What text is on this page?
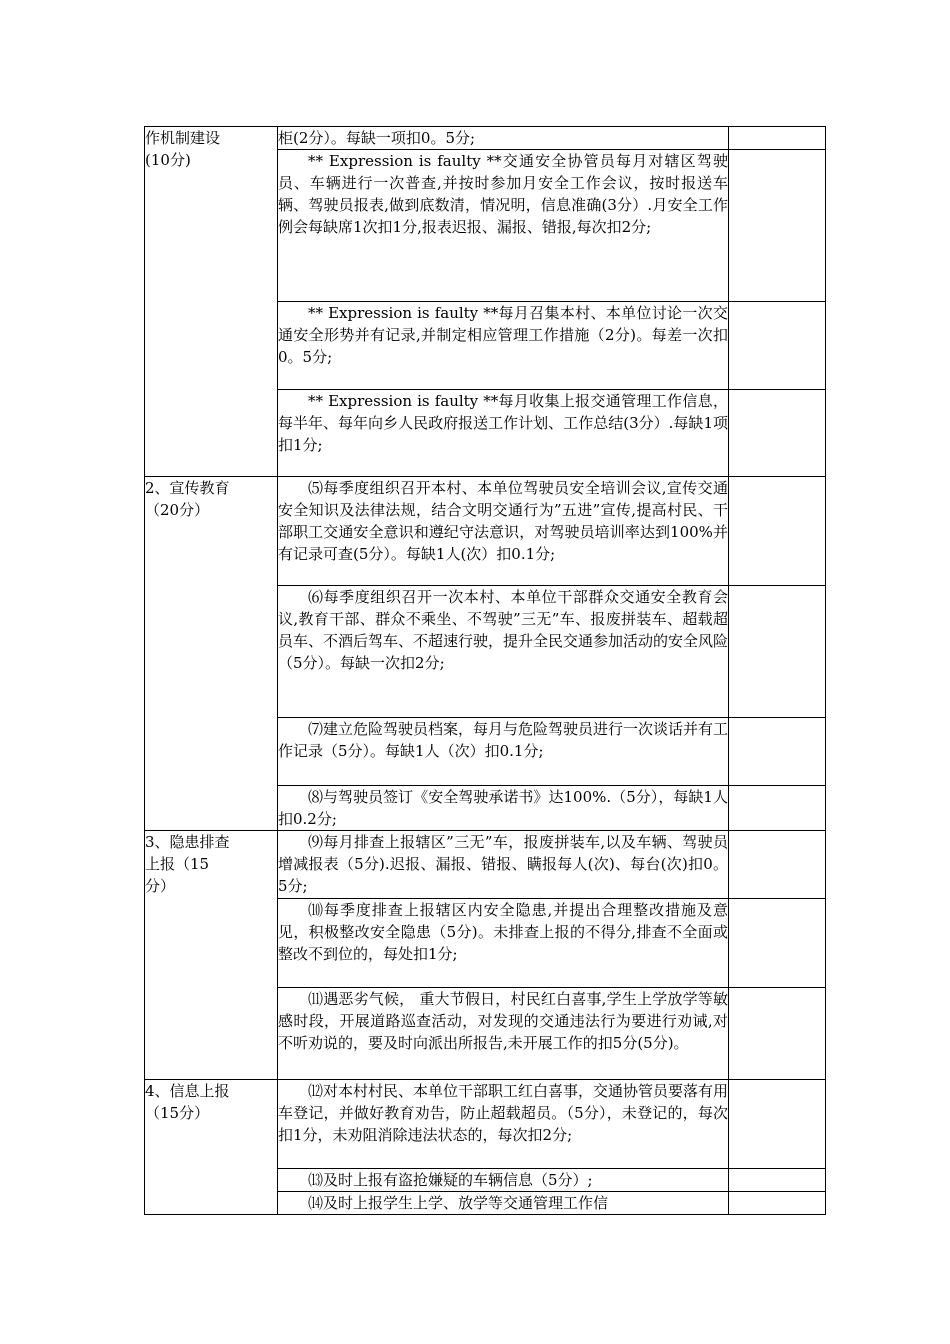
作机制建设
(10分)	柜(2分）。每缺一项扣0。5分;	
	** Expression is faulty **交通安全协管员每月对辖区驾驶员、车辆进行一次普查,并按时参加月安全工作会议，按时报送车辆、驾驶员报表,做到底数清，情况明，信息准确(3分）.月安全工作例会每缺席1次扣1分,报表迟报、漏报、错报,每次扣2分;	
	** Expression is faulty **每月召集本村、本单位讨论一次交通安全形势并有记录,并制定相应管理工作措施（2分)。每差一次扣0。5分;	
	** Expression is faulty **每月收集上报交通管理工作信息，每半年、每年向乡人民政府报送工作计划、工作总结(3分）.每缺1项扣1分;	

2、宣传教育
（20分）	⑸每季度组织召开本村、本单位驾驶员安全培训会议,宣传交通安全知识及法律法规，结合文明交通行为”五进”宣传,提高村民、干部职工交通安全意识和遵纪守法意识，对驾驶员培训率达到100%并有记录可查(5分）。每缺1人(次）扣0.1分;	
	⑹每季度组织召开一次本村、本单位干部群众交通安全教育会议,教育干部、群众不乘坐、不驾驶”三无”车、报废拼装车、超载超员车、不酒后驾车、不超速行驶，提升全民交通参加活动的安全风险 （5分）。每缺一次扣2分;	
	⑺建立危险驾驶员档案，每月与危险驾驶员进行一次谈话并有工作记录（5分）。每缺1人（次）扣0.1分;	
	⑻与驾驶员签订《安全驾驶承诺书》达100%.（5分），每缺1人扣0.2分;	

3、隐患排查
上报（15
分）	⑼每月排查上报辖区”三无”车，报废拼装车,以及车辆、驾驶员增减报表（5分).迟报、漏报、错报、瞒报每人(次)、每台(次)扣0。5分;	
	⑽每季度排查上报辖区内安全隐患,并提出合理整改措施及意见，积极整改安全隐患（5分)。未排查上报的不得分,排查不全面或整改不到位的，每处扣1分;	
	⑾遇恶劣气候， 重大节假日，村民红白喜事,学生上学放学等敏感时段，开展道路巡查活动，对发现的交通违法行为要进行劝诫,对不听劝说的，要及时向派出所报告,未开展工作的扣5分(5分)。	

4、信息上报
（15分）	⑿对本村村民、本单位干部职工红白喜事，交通协管员要落有用车登记，并做好教育劝告，防止超载超员。（5分），未登记的，每次扣1分，未劝阻消除违法状态的，每次扣2分;	
	⒀及时上报有盗抢嫌疑的车辆信息（5分）;	
	⒁及时上报学生上学、放学等交通管理工作信	
